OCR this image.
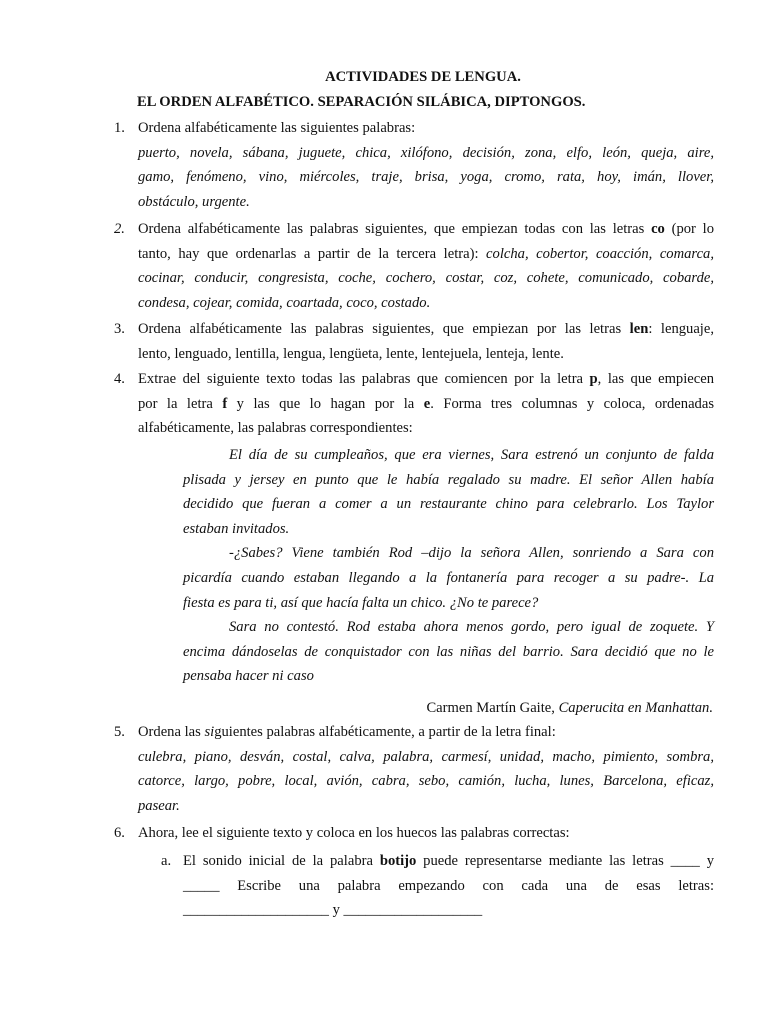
ACTIVIDADES DE LENGUA.
EL ORDEN ALFABÉTICO. SEPARACIÓN SILÁBICA, DIPTONGOS.
1. Ordena alfabéticamente las siguientes palabras:
puerto, novela, sábana, juguete, chica, xilófono, decisión, zona, elfo, león, queja, aire,
gamo, fenómeno, vino, miércoles, traje, brisa, yoga, cromo, rata, hoy, imán, llover,
obstáculo, urgente.
2. Ordena alfabéticamente las palabras siguientes, que empiezan todas con las letras co (por lo
tanto, hay que ordenarlas a partir de la tercera letra): colcha, cobertor, coacción, comarca,
cocinar, conducir, congresista, coche, cochero, costar, coz, cohete, comunicado, cobarde,
condesa, cojear, comida, coartada, coco, costado.
3. Ordena alfabéticamente las palabras siguientes, que empiezan por las letras len: lenguaje,
lento, lenguado, lentilla, lengua, lengüeta, lente, lentejuela, lenteja, lente.
4. Extrae del siguiente texto todas las palabras que comiencen por la letra p, las que empiecen
por la letra f y las que lo hagan por la e. Forma tres columnas y coloca, ordenadas
alfabéticamente, las palabras correspondientes:
El día de su cumpleaños, que era viernes, Sara estrenó un conjunto de falda
plisada y jersey en punto que le había regalado su madre. El señor Allen había
decidido que fueran a comer a un restaurante chino para celebrarlo. Los Taylor
estaban invitados.
-¿Sabes? Viene también Rod –dijo la señora Allen, sonriendo a Sara con
picardía cuando estaban llegando a la fontanería para recoger a su padre-. La
fiesta es para ti, así que hacía falta un chico. ¿No te parece?
Sara no contestó. Rod estaba ahora menos gordo, pero igual de zoquete. Y
encima dándoselas de conquistador con las niñas del barrio. Sara decidió que no le
pensaba hacer ni caso
Carmen Martín Gaite, Caperucita en Manhattan.
5. Ordena las siguientes palabras alfabéticamente, a partir de la letra final:
culebra, piano, desván, costal, calva, palabra, carmesí, unidad, macho, pimiento, sombra,
catorce, largo, pobre, local, avión, cabra, sebo, camión, lucha, lunes, Barcelona, eficaz,
pasear.
6. Ahora, lee el siguiente texto y coloca en los huecos las palabras correctas:
a. El sonido inicial de la palabra botijo puede representarse mediante las letras ____ y
_____ Escribe una palabra empezando con cada una de esas letras:
____________________ y ___________________
